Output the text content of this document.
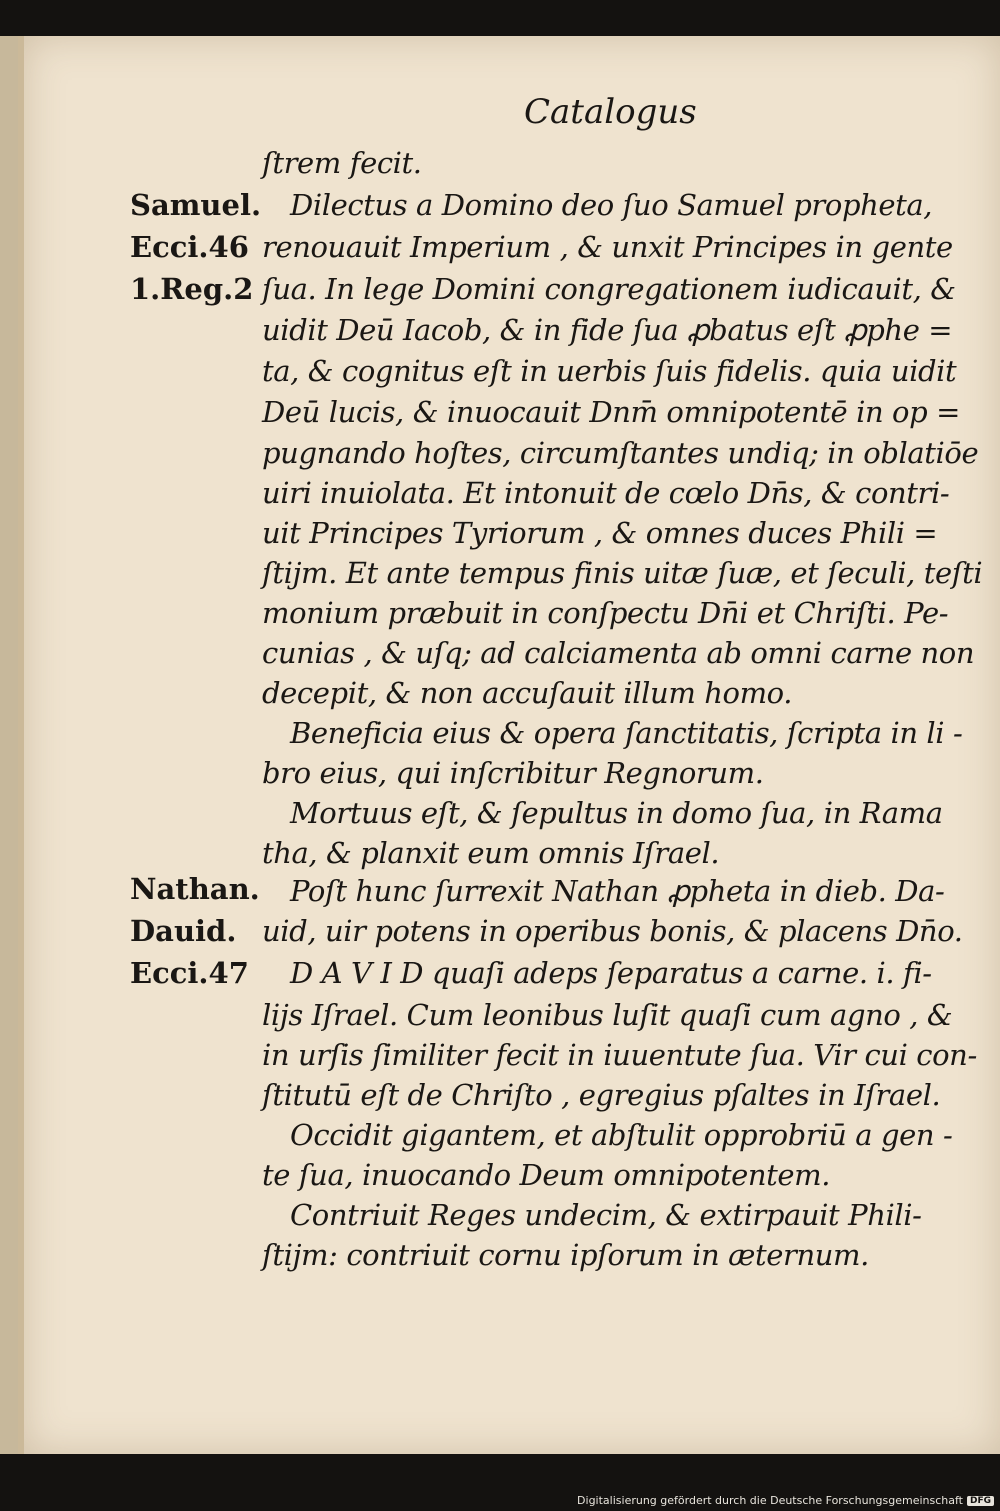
Catalogus
Samuel.
Ecci.46
1.Reg.2
Nathan.
Dauid.
Ecci.47
ſtrem fecit.
Dilectus a Domino deo ſuo Samuel propheta,
renouauit Imperium , & unxit Principes in gente
ſua. In lege Domini congregationem iudicauit, &
uidit Deū Iacob, & in fide ſua ꝓbatus eſt ꝓphe =
ta, & cognitus eſt in uerbis ſuis fidelis. quia uidit
Deū lucis, & inuocauit Dnm̄ omnipotentē in op =
pugnando hoſtes, circumſtantes undiq; in oblatiōe
uiri inuiolata. Et intonuit de cœlo Dn̄s, & contri-
uit Principes Tyriorum , & omnes duces Phili =
ſtijm. Et ante tempus finis uitæ ſuæ, et ſeculi, teſti
monium præbuit in conſpectu Dn̄i et Chriſti. Pe-
cunias , & uſq; ad calciamenta ab omni carne non
decepit, & non accuſauit illum homo.
Beneficia eius & opera ſanctitatis, ſcripta in li -
bro eius, qui inſcribitur Regnorum.
Mortuus eſt, & ſepultus in domo ſua, in Rama
tha, & planxit eum omnis Iſrael.
Poſt hunc ſurrexit Nathan ꝓpheta in dieb. Da-
uid, uir potens in operibus bonis, & placens Dn̄o.
D A V I D quaſi adeps ſeparatus a carne. i. fi-
lijs Iſrael. Cum leonibus luſit quaſi cum agno , &
in urſis ſimiliter fecit in iuuentute ſua. Vir cui con-
ſtitutū eſt de Chriſto , egregius pſaltes in Iſrael.
Occidit gigantem, et abſtulit opprobriū a gen -
te ſua, inuocando Deum omnipotentem.
Contriuit Reges undecim, & extirpauit Phili-
ſtijm: contriuit cornu ipſorum in æternum.
Digitalisierung gefördert durch die Deutsche Forschungsgemeinschaft DFG
